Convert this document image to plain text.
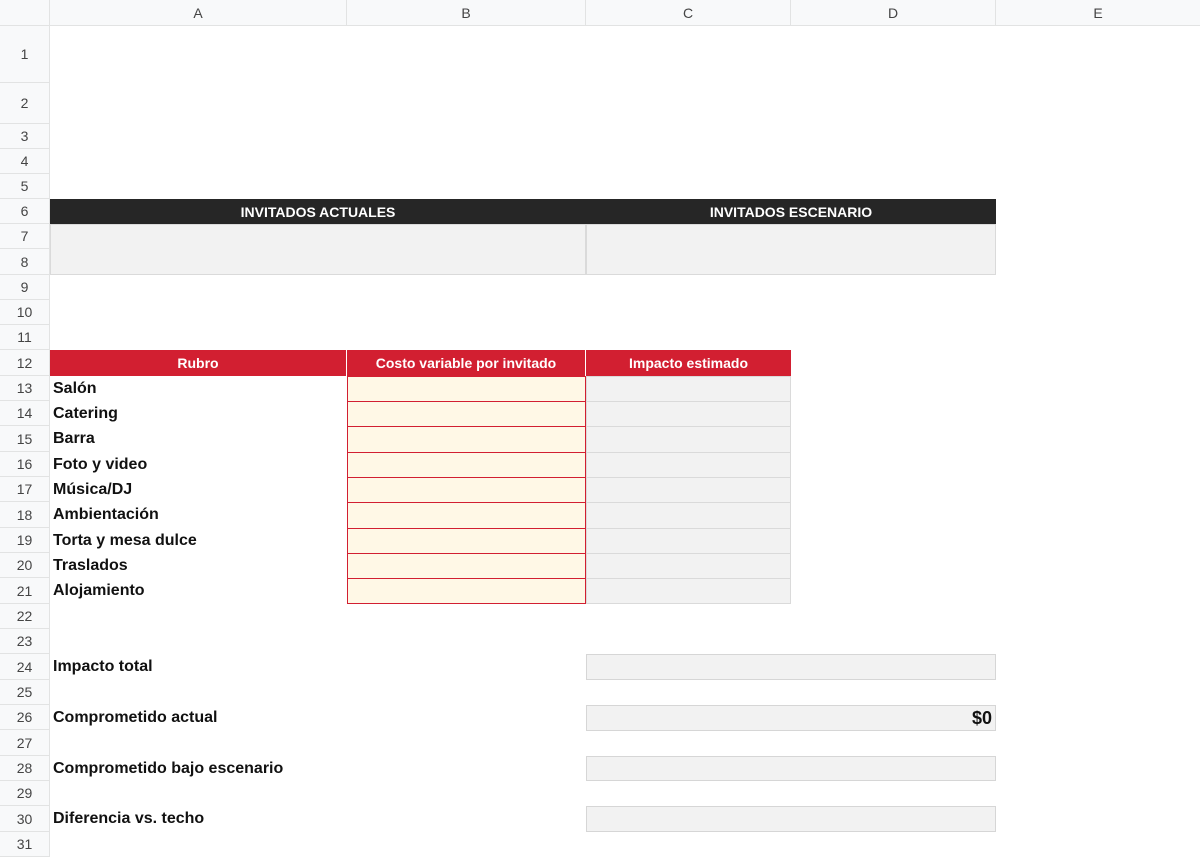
A	B	C	D	E
1
2
3
4
5
6
7
8
9
10
11
12
13
14
15
16
17
18
19
20
21
22
23
24
25
26
27
28
29
30
31
INVITADOS ACTUALES	INVITADOS ESCENARIO
Rubro	Costo variable por invitado	Impacto estimado
Salón
Catering
Barra
Foto y video
Música/DJ
Ambientación
Torta y mesa dulce
Traslados
Alojamiento
Impacto total
Comprometido actual	$0
Comprometido bajo escenario
Diferencia vs. techo
